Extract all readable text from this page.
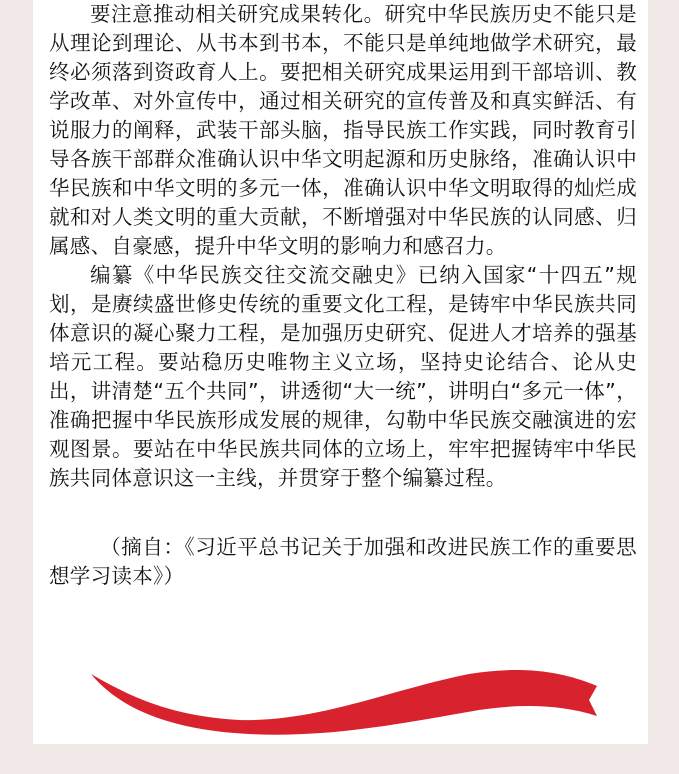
要注意推动相关研究成果转化。研究中华民族历史不能只是从理论到理论、从书本到书本，不能只是单纯地做学术研究，最终必须落到资政育人上。要把相关研究成果运用到干部培训、教学改革、对外宣传中，通过相关研究的宣传普及和真实鲜活、有说服力的阐释，武装干部头脑，指导民族工作实践，同时教育引导各族干部群众准确认识中华文明起源和历史脉络，准确认识中华民族和中华文明的多元一体，准确认识中华文明取得的灿烂成就和对人类文明的重大贡献，不断增强对中华民族的认同感、归属感、自豪感，提升中华文明的影响力和感召力。

编纂《中华民族交往交流交融史》已纳入国家“十四五”规划，是赓续盛世修史传统的重要文化工程，是铸牢中华民族共同体意识的凝心聚力工程，是加强历史研究、促进人才培养的强基培元工程。要站稳历史唯物主义立场，坚持史论结合、论从史出，讲清楚“五个共同”，讲透彻“大一统”，讲明白“多元一体”，准确把握中华民族形成发展的规律，勾勒中华民族交融演进的宏观图景。要站在中华民族共同体的立场上，牢牢把握铸牢中华民族共同体意识这一主线，并贯穿于整个编纂过程。

（摘自：《习近平总书记关于加强和改进民族工作的重要思想学习读本》）
